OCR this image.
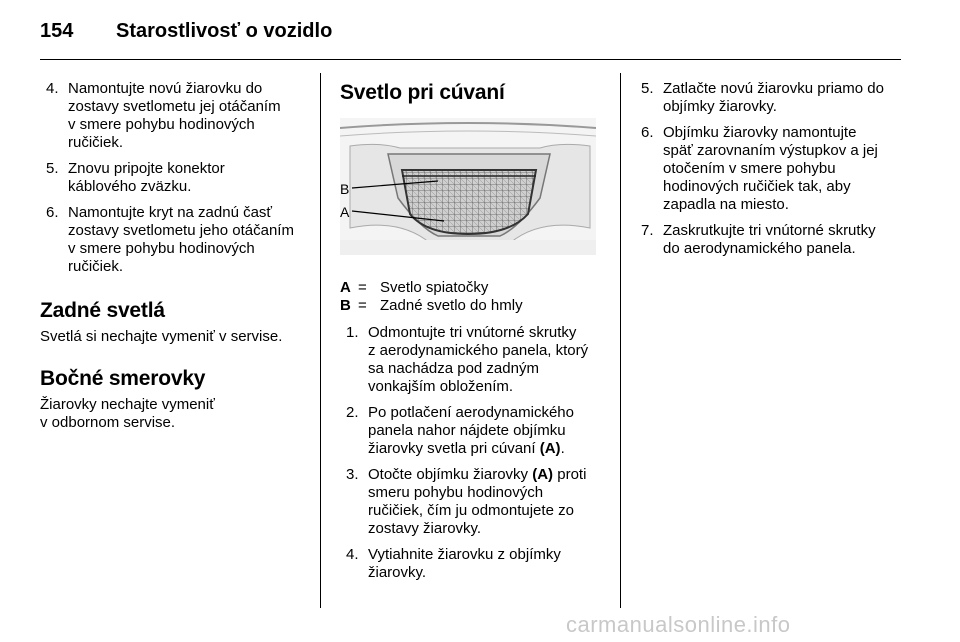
154 Starostlivosť o vozidlo
4. Namontujte novú žiarovku do
zostavy svetlometu jej otáčaním
v smere pohybu hodinových
ručičiek.
5. Znovu pripojte konektor
káblového zväzku.
6. Namontujte kryt na zadnú časť
zostavy svetlometu jeho otáčaním
v smere pohybu hodinových
ručičiek.
Zadné svetlá

Svetlá si nechajte vymeniť v servise.

Bočné smerovky

Žiarovky nechajte vymeniť
v odbornom servise.

Svetlo pri cúvaní
B
A
A = Svetlo spiatočky
B = Zadné svetlo do hmly
1. Odmontujte tri vnútorné skrutky
z aerodynamického panela, ktorý
sa nachádza pod zadným
vonkajším obložením.
2. Po potlačení aerodynamického
panela nahor nájdete objímku
žiarovky svetla pri cúvaní (A).
3. Otočte objímku žiarovky (A) proti
smeru pohybu hodinových
ručičiek, čím ju odmontujete zo
zostavy žiarovky.
4. Vytiahnite žiarovku z objímky
žiarovky.
5. Zatlačte novú žiarovku priamo do
objímky žiarovky.
6. Objímku žiarovky namontujte
späť zarovnaním výstupkov a jej
otočením v smere pohybu
hodinových ručičiek tak, aby
zapadla na miesto.
7. Zaskrutkujte tri vnútorné skrutky
do aerodynamického panela.
carmanualsonline.info
